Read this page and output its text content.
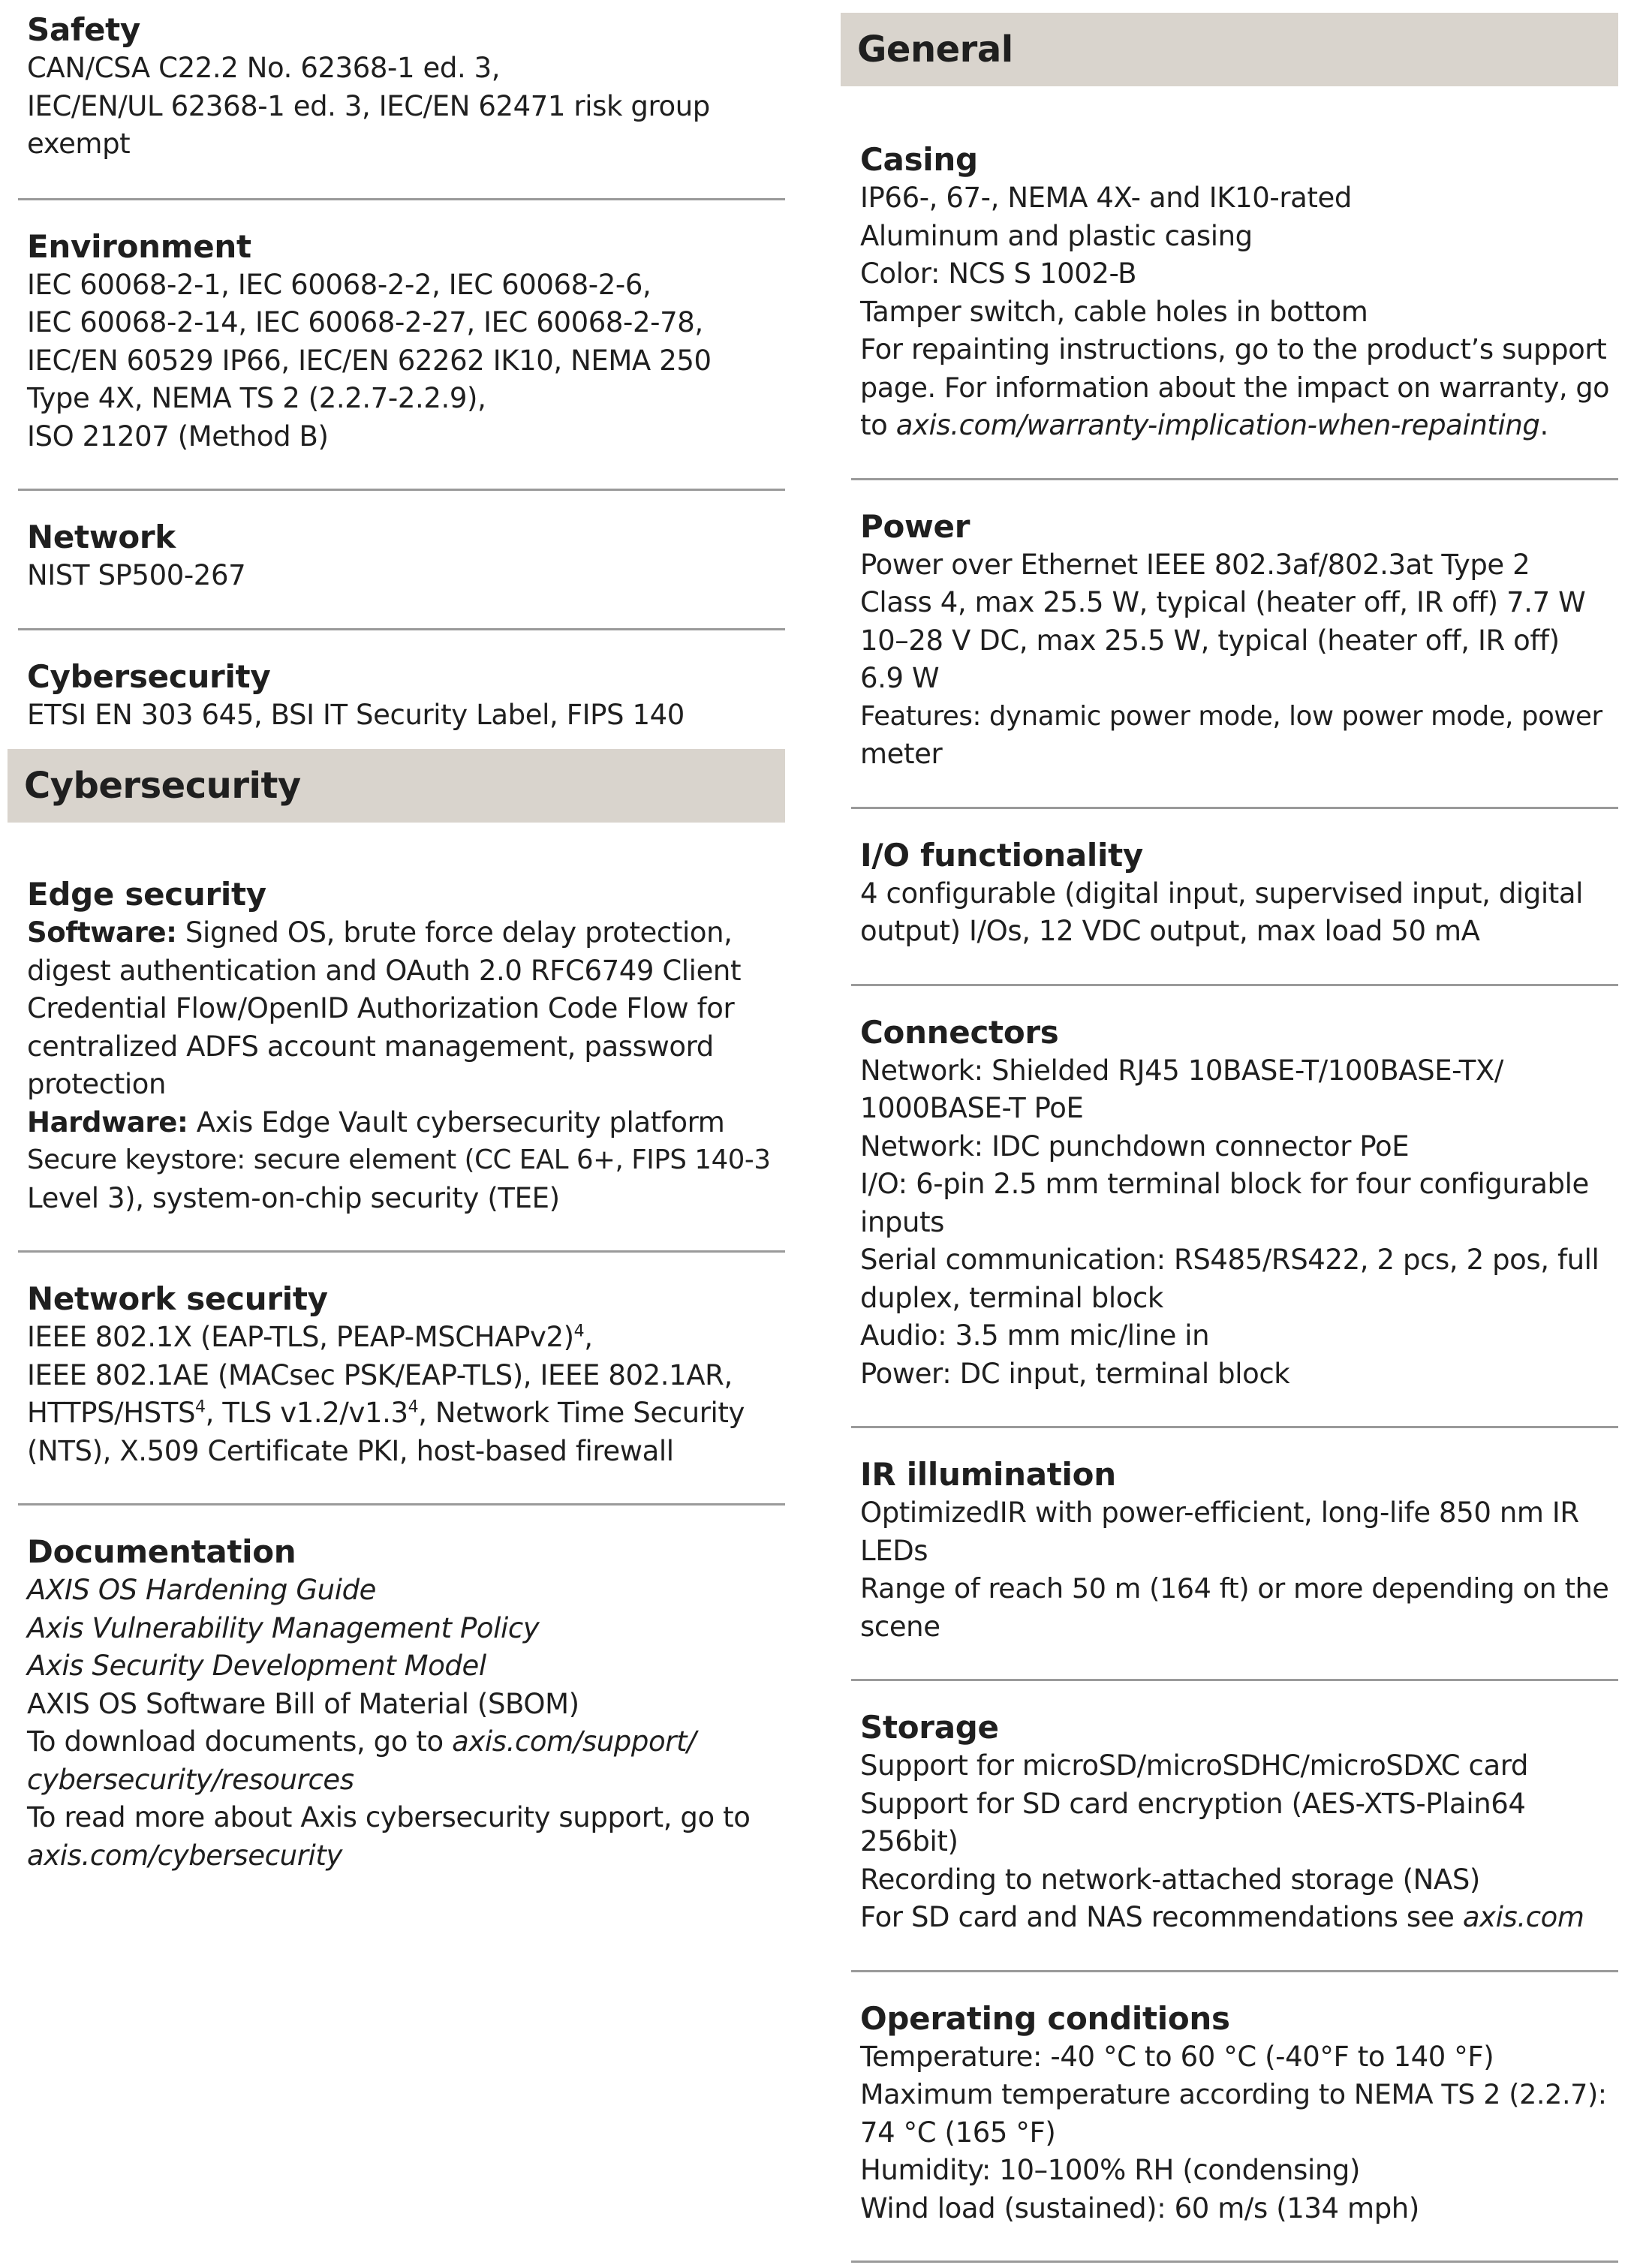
Safety
CAN/CSA C22.2 No. 62368-1 ed. 3,
IEC/EN/UL 62368-1 ed. 3, IEC/EN 62471 risk group
exempt
Environment
IEC 60068-2-1, IEC 60068-2-2, IEC 60068-2-6,
IEC 60068-2-14, IEC 60068-2-27, IEC 60068-2-78,
IEC/EN 60529 IP66, IEC/EN 62262 IK10, NEMA 250
Type 4X, NEMA TS 2 (2.2.7-2.2.9),
ISO 21207 (Method B)
Network
NIST SP500-267
Cybersecurity
ETSI EN 303 645, BSI IT Security Label, FIPS 140
Cybersecurity
Edge security
Software: Signed OS, brute force delay protection,
digest authentication and OAuth 2.0 RFC6749 Client
Credential Flow/OpenID Authorization Code Flow for
centralized ADFS account management, password
protection
Hardware: Axis Edge Vault cybersecurity platform
Secure keystore: secure element (CC EAL 6+, FIPS 140-3
Level 3), system-on-chip security (TEE)
Network security
IEEE 802.1X (EAP-TLS, PEAP-MSCHAPv2)$^4$,
IEEE 802.1AE (MACsec PSK/EAP-TLS), IEEE 802.1AR,
HTTPS/HSTS$^4$, TLS $v1.2/v1.3^4$, Network Time Security
(NTS), X.509 Certificate PKI, host-based firewall
Documentation
AXIS OS Hardening Guide
Axis Vulnerability Management Policy
Axis Security Development Model
AXIS OS Software Bill of Material (SBOM)
To download documents, go to axis.com/support/
cybersecurity/resources
To read more about Axis cybersecurity support, go to
axis.com/cybersecurity
General
Casing
IP66-, 67-, NEMA 4X- and IK10-rated
Aluminum and plastic casing
Color: NCS S 1002-B
Tamper switch, cable holes in bottom
For repainting instructions, go to the product’s support
page. For information about the impact on warranty, go
to axis.com/warranty-implication-when-repainting.
Power
Power over Ethernet IEEE 802.3af/802.3at Type 2
Class 4, max 25.5 W, typical (heater off, IR off) 7.7 W
10–28 V DC, max 25.5 W, typical (heater off, IR off)
6.9 W
Features: dynamic power mode, low power mode, power
meter
I/O functionality
4 configurable (digital input, supervised input, digital
output) I/Os, 12 VDC output, max load 50 mA
Connectors
Network: Shielded RJ45 10BASE-T/100BASE-TX/
1000BASE-T PoE
Network: IDC punchdown connector PoE
I/O: 6-pin 2.5 mm terminal block for four configurable
inputs
Serial communication: RS485/RS422, 2 pcs, 2 pos, full
duplex, terminal block
Audio: 3.5 mm mic/line in
Power: DC input, terminal block
IR illumination
OptimizedIR with power-efficient, long-life 850 nm IR
LEDs
Range of reach 50 m (164 ft) or more depending on the
scene
Storage
Support for microSD/microSDHC/microSDXC card
Support for SD card encryption (AES-XTS-Plain64
256bit)
Recording to network-attached storage (NAS)
For SD card and NAS recommendations see axis.com
Operating conditions
Temperature: -40 °C to 60 °C (-40°F to 140 °F)
Maximum temperature according to NEMA TS 2 (2.2.7):
74 °C (165 °F)
Humidity: 10–100% RH (condensing)
Wind load (sustained): 60 m/s (134 mph)
